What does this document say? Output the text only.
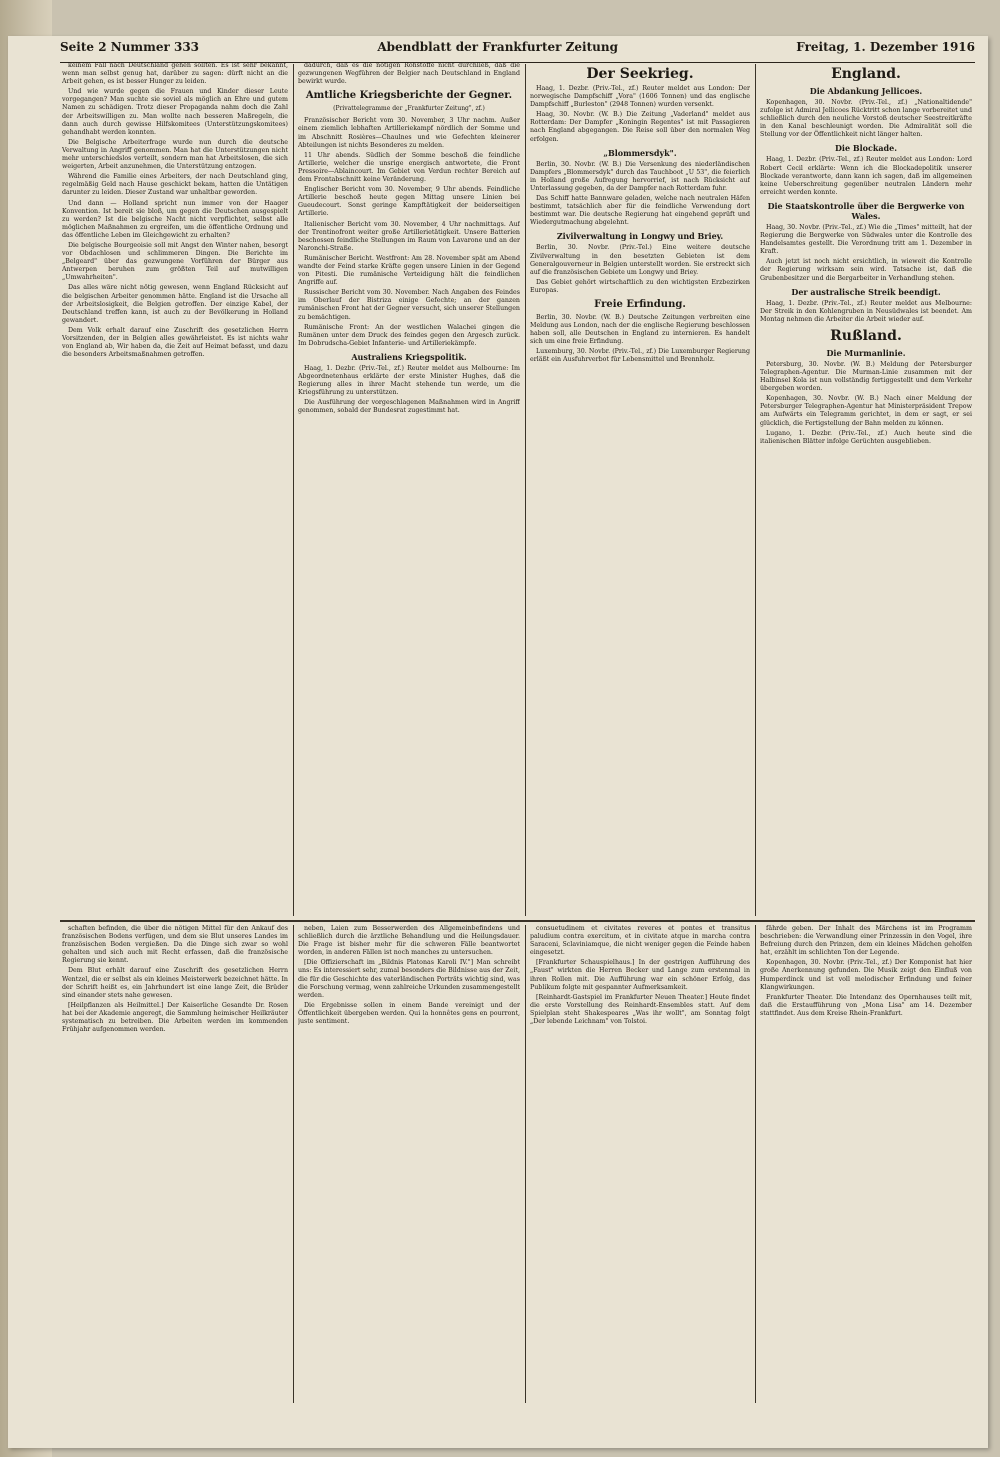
Seite 2 Nummer 333	Abendblatt der Frankfurter Zeitung	Freitag, 1. Dezember 1916

keinem Fall nach Deutschland gehen sollten. Es ist sehr bekannt, wenn man selbst genug hat, darüber zu sagen: dürft nicht an die Arbeit gehen, es ist besser Hunger zu leiden.

Und wie wurde gegen die Frauen und Kinder dieser Leute vorgegangen? Man suchte sie soviel als möglich an Ehre und gutem Namen zu schädigen. Trotz dieser Propaganda nahm doch die Zahl der Arbeitswilligen zu. Man wollte nach besseren Maßregeln, die dann auch durch gewisse Hilfskomitees (Unterstützungskomitees) gehandhabt werden konnten.

Die Belgische Arbeiterfrage wurde nun durch die deutsche Verwaltung in Angriff genommen. Man hat die Unterstützungen nicht mehr unterschiedslos verteilt, sondern man hat Arbeitslosen, die sich weigerten, Arbeit anzunehmen, die Unterstützung entzogen.

Während die Familie eines Arbeiters, der nach Deutschland ging, regelmäßig Geld nach Hause geschickt bekam, hatten die Untätigen darunter zu leiden. Dieser Zustand war unhaltbar geworden.

Und dann — Holland spricht nun immer von der Haager Konvention. Ist bereit sie bloß, um gegen die Deutschen ausgespielt zu werden? Ist die belgische Nacht nicht verpflichtet, selbst alle möglichen Maßnahmen zu ergreifen, um die öffentliche Ordnung und das öffentliche Leben im Gleichgewicht zu erhalten?

Die belgische Bourgeoisie soll mit Angst den Winter nahen, besorgt vor Obdachlosen und schlimmeren Dingen. Die Berichte im „Belgeard" über das gezwungene Vorführen der Bürger aus Antwerpen beruhen zum größten Teil auf mutwilligen „Umwahrheiten".

Das alles wäre nicht nötig gewesen, wenn England Rücksicht auf die belgischen Arbeiter genommen hätte. England ist die Ursache all der Arbeitslosigkeit, die Belgien getroffen. Der einzige Kabel, der Deutschland treffen kann, ist auch zu der Bevölkerung in Holland gewandert.

Dem Volk erhalt darauf eine Zuschrift des gesetzlichen Herrn Vorsitzenden, der in Belgien alles gewährleistet. Es ist nichts wahr von England ab, Wir haben da, die Zeit auf Heimat befasst, und dazu die besonders Arbeitsmaßnahmen getroffen.

dadurch, daß es die nötigen Rohstoffe nicht durchließ, daß die gezwungenen Wegführen der Belgier nach Deutschland in England bewirkt wurde.

Amtliche Kriegsberichte der Gegner.
(Privattelegramme der „Frankfurter Zeitung", zf.)

Französischer Bericht vom 30. November, 3 Uhr nachm. Außer einem ziemlich lebhaften Artilleriekampf nördlich der Somme und im Abschnitt Rosières—Chaulnes und wie Gefechten kleinerer Abteilungen ist nichts Besonderes zu melden.

11 Uhr abends. Südlich der Somme beschoß die feindliche Artillerie, welcher die unsrige energisch antwortete, die Front Pressoire—Ablaincourt. Im Gebiet von Verdun rechter Bereich auf dem Frontabschnitt keine Veränderung.

Englischer Bericht vom 30. November, 9 Uhr abends. Feindliche Artillerie beschoß heute gegen Mittag unsere Linien bei Gueudecourt. Sonst geringe Kampftätigkeit der beiderseitigen Artillerie.

Italienischer Bericht vom 30. November, 4 Uhr nachmittags. Auf der Trentinofront weiter große Artillerietätigkeit. Unsere Batterien beschossen feindliche Stellungen im Raum von Lavarone und an der Naronchi-Straße.

Rumänischer Bericht. Westfront: Am 28. November spät am Abend wandte der Feind starke Kräfte gegen unsere Linien in der Gegend von Pitesti. Die rumänische Verteidigung hält die feindlichen Angriffe auf.

Russischer Bericht vom 30. November. Nach Angaben des Feindes im Oberlauf der Bistriza einige Gefechte; an der ganzen rumänischen Front hat der Gegner versucht, sich unserer Stellungen zu bemächtigen.

Rumänische Front: An der westlichen Walachei gingen die Rumänen unter dem Druck des feindes gegen den Argesch zurück. Im Dobrudscha-Gebiet Infanterie- und Artilleriekämpfe.

Australiens Kriegspolitik.

Haag, 1. Dezbr. (Priv.-Tel., zf.) Reuter meldet aus Melbourne: Im Abgeordnetenhaus erklärte der erste Minister Hughes, daß die Regierung alles in ihrer Macht stehende tun werde, um die Kriegsführung zu unterstützen.

Die Ausführung der vorgeschlagenen Maßnahmen wird in Angriff genommen, sobald der Bundesrat zugestimmt hat.

Der Seekrieg.

Haag, 1. Dezbr. (Priv.-Tel., zf.) Reuter meldet aus London: Der norwegische Dampfschiff „Vora" (1606 Tonnen) und das englische Dampfschiff „Burleston" (2948 Tonnen) wurden versenkt.

Haag, 30. Novbr. (W. B.) Die Zeitung „Vaderland" meldet aus Rotterdam: Der Dampfer „Koningin Regentes" ist mit Passagieren nach England abgegangen. Die Reise soll über den normalen Weg erfolgen.

„Blommersdyk".

Berlin, 30. Novbr. (W. B.) Die Versenkung des niederländischen Dampfers „Blommersdyk" durch das Tauchboot „U 53", die feierlich in Holland große Aufregung hervorrief, ist nach Rücksicht auf Unterlassung gegeben, da der Dampfer nach Rotterdam fuhr.

Das Schiff hatte Bannware geladen, welche nach neutralen Häfen bestimmt, tatsächlich aber für die feindliche Verwendung dort bestimmt war. Die deutsche Regierung hat eingehend geprüft und Wiedergutmachung abgelehnt.

Zivilverwaltung in Longwy und Briey.

Berlin, 30. Novbr. (Priv.-Tel.) Eine weitere deutsche Zivilverwaltung in den besetzten Gebieten ist dem Generalgouverneur in Belgien unterstellt worden. Sie erstreckt sich auf die französischen Gebiete um Longwy und Briey.

Das Gebiet gehört wirtschaftlich zu den wichtigsten Erzbezirken Europas.

Freie Erfindung.

Berlin, 30. Novbr. (W. B.) Deutsche Zeitungen verbreiten eine Meldung aus London, nach der die englische Regierung beschlossen haben soll, alle Deutschen in England zu internieren. Es handelt sich um eine freie Erfindung.

Luxemburg, 30. Novbr. (Priv.-Tel., zf.) Die Luxemburger Regierung erläßt ein Ausfuhrverbot für Lebensmittel und Brennholz.

England.
Die Abdankung Jellicoes.

Kopenhagen, 30. Novbr. (Priv.-Tel., zf.) „Nationaltidende" zufolge ist Admiral Jellicoes Rücktritt schon lange vorbereitet und schließlich durch den neuliche Vorstoß deutscher Seestreitkräfte in den Kanal beschleunigt worden. Die Admiralität soll die Stellung vor der Öffentlichkeit nicht länger halten.

Die Blockade.

Haag, 1. Dezbr. (Priv.-Tel., zf.) Reuter meldet aus London: Lord Robert Cecil erklärte: Wenn ich die Blockadepolitik unserer Blockade verantworte, dann kann ich sagen, daß im allgemeinen keine Ueberschreitung gegenüber neutralen Ländern mehr erreicht werden konnte.

Die Staatskontrolle über die Bergwerke von Wales.

Haag, 30. Novbr. (Priv.-Tel., zf.) Wie die „Times" mitteilt, hat der Regierung die Bergwerke von Südwales unter die Kontrolle des Handelsamtes gestellt. Die Verordnung tritt am 1. Dezember in Kraft.

Auch jetzt ist noch nicht ersichtlich, in wieweit die Kontrolle der Regierung wirksam sein wird. Tatsache ist, daß die Grubenbesitzer und die Bergarbeiter in Verhandlung stehen.

Der australische Streik beendigt.

Haag, 1. Dezbr. (Priv.-Tel., zf.) Reuter meldet aus Melbourne: Der Streik in den Kohlengruben in Neusüdwales ist beendet. Am Montag nehmen die Arbeiter die Arbeit wieder auf.

Rußland.
Die Murmanlinie.

Petersburg, 30. Novbr. (W. B.) Meldung der Petersburger Telegraphen-Agentur. Die Murman-Linie zusammen mit der Halbinsel Kola ist nun vollständig fertiggestellt und dem Verkehr übergeben worden.

Kopenhagen, 30. Novbr. (W. B.) Nach einer Meldung der Petersburger Telegraphen-Agentur hat Ministerpräsident Trepow am Aufwärts ein Telegramm gerichtet, in dem er sagt, er sei glücklich, die Fertigstellung der Bahn melden zu können.

Lugano, 1. Dezbr. (Priv.-Tel., zf.) Auch heute sind die italienischen Blätter infolge Gerüchten ausgeblieben.

schaften befinden, die über die nötigen Mittel für den Ankauf des französischen Bodens verfügen, und dem sie Blut unseres Landes im französischen Boden vergießen. Da die Dinge sich zwar so wohl gehalten und sich auch mit Recht erfassen, daß die französische Regierung sie kennt.

Dem Blut erhält darauf eine Zuschrift des gesetzlichen Herrn Wentzel, die er selbst als ein kleines Meisterwerk bezeichnet hätte. In der Schrift heißt es, ein Jahrhundert ist eine lange Zeit, die Brüder sind einander stets nahe gewesen.

[Heilpflanzen als Heilmittel.] Der Kaiserliche Gesandte Dr. Rosen hat bei der Akademie angeregt, die Sammlung heimischer Heilkräuter systematisch zu betreiben. Die Arbeiten werden im kommenden Frühjahr aufgenommen werden.

neben, Laien zum Besserwerden des Allgemeinbefindens und schließlich durch die ärztliche Behandlung und die Heilungsdauer. Die Frage ist bisher mehr für die schweren Fälle beantwortet worden, in anderen Fällen ist noch manches zu untersuchen.

[Die Offizierschaft im „Bildnis Platonas Karoli IV."] Man schreibt uns: Es interessiert sehr, zumal besonders die Bildnisse aus der Zeit, die für die Geschichte des vaterländischen Porträts wichtig sind, was die Forschung vermag, wenn zahlreiche Urkunden zusammengestellt werden.

Die Ergebnisse sollen in einem Bande vereinigt und der Öffentlichkeit übergeben werden. Qui la honnêtes gens en pourront, juste sentiment.

consuetudinem et civitates reveres et pontes et transitus paludium contra exercitum, et in civitate atque in marcha contra Saraceni, Sclaviniamque, die nicht weniger gegen die Feinde haben eingesetzt.

[Frankfurter Schauspielhaus.] In der gestrigen Aufführung des „Faust" wirkten die Herren Becker und Lange zum erstenmal in ihren Rollen mit. Die Aufführung war ein schöner Erfolg, das Publikum folgte mit gespannter Aufmerksamkeit.

[Reinhardt-Gastspiel im Frankfurter Neuen Theater.] Heute findet die erste Vorstellung des Reinhardt-Ensembles statt. Auf dem Spielplan steht Shakespeares „Was ihr wollt", am Sonntag folgt „Der lebende Leichnam" von Tolstoi.

fährde geben. Der Inhalt des Märchens ist im Programm beschrieben: die Verwandlung einer Prinzessin in den Vogel, ihre Befreiung durch den Prinzen, dem ein kleines Mädchen geholfen hat, erzählt im schlichten Ton der Legende.

Kopenhagen, 30. Novbr. (Priv.-Tel., zf.) Der Komponist hat hier große Anerkennung gefunden. Die Musik zeigt den Einfluß von Humperdinck und ist voll melodischer Erfindung und feiner Klangwirkungen.

Frankfurter Theater. Die Intendanz des Opernhauses teilt mit, daß die Erstaufführung von „Mona Lisa" am 14. Dezember stattfindet. Aus dem Kreise Rhein-Frankfurt.
